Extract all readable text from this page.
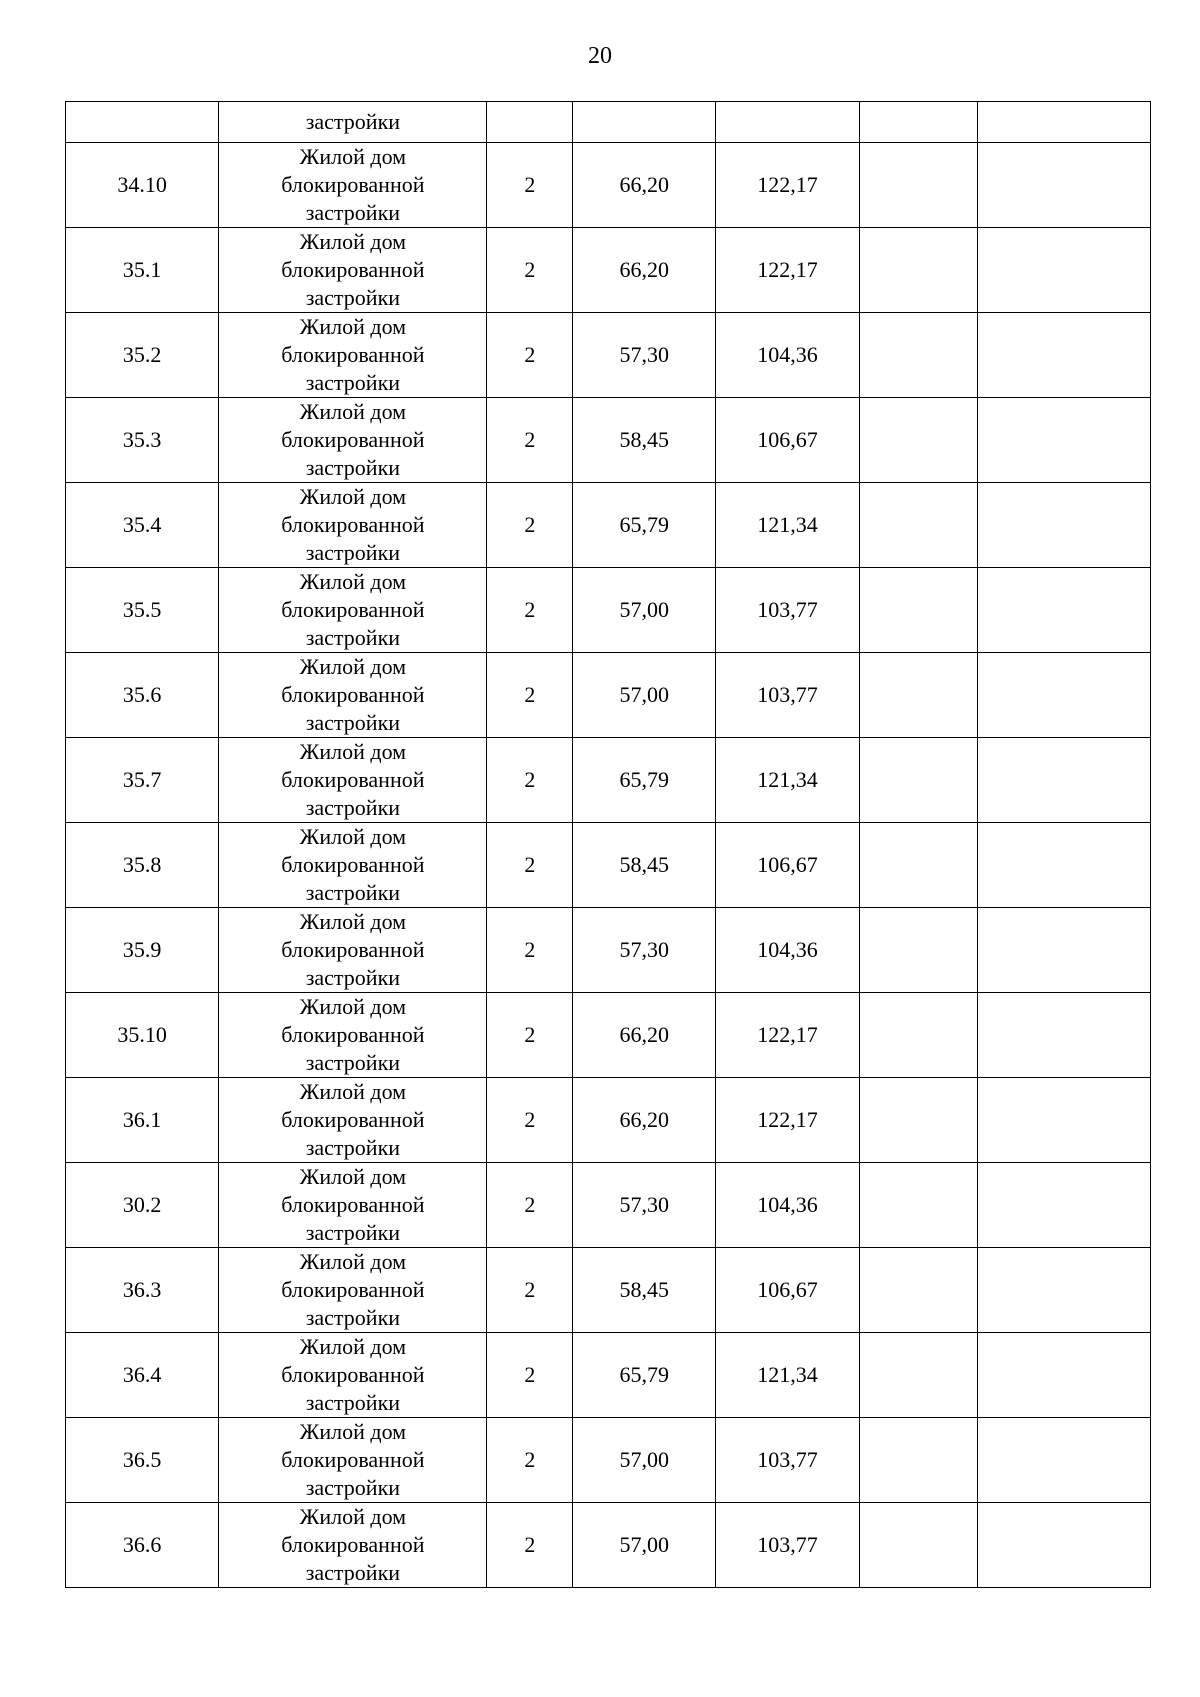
20
	застройки					
34.10	Жилой дом
блокированной
застройки	2	66,20	122,17		
35.1	Жилой дом
блокированной
застройки	2	66,20	122,17		
35.2	Жилой дом
блокированной
застройки	2	57,30	104,36		
35.3	Жилой дом
блокированной
застройки	2	58,45	106,67		
35.4	Жилой дом
блокированной
застройки	2	65,79	121,34		
35.5	Жилой дом
блокированной
застройки	2	57,00	103,77		
35.6	Жилой дом
блокированной
застройки	2	57,00	103,77		
35.7	Жилой дом
блокированной
застройки	2	65,79	121,34		
35.8	Жилой дом
блокированной
застройки	2	58,45	106,67		
35.9	Жилой дом
блокированной
застройки	2	57,30	104,36		
35.10	Жилой дом
блокированной
застройки	2	66,20	122,17		
36.1	Жилой дом
блокированной
застройки	2	66,20	122,17		
30.2	Жилой дом
блокированной
застройки	2	57,30	104,36		
36.3	Жилой дом
блокированной
застройки	2	58,45	106,67		
36.4	Жилой дом
блокированной
застройки	2	65,79	121,34		
36.5	Жилой дом
блокированной
застройки	2	57,00	103,77		
36.6	Жилой дом
блокированной
застройки	2	57,00	103,77		
